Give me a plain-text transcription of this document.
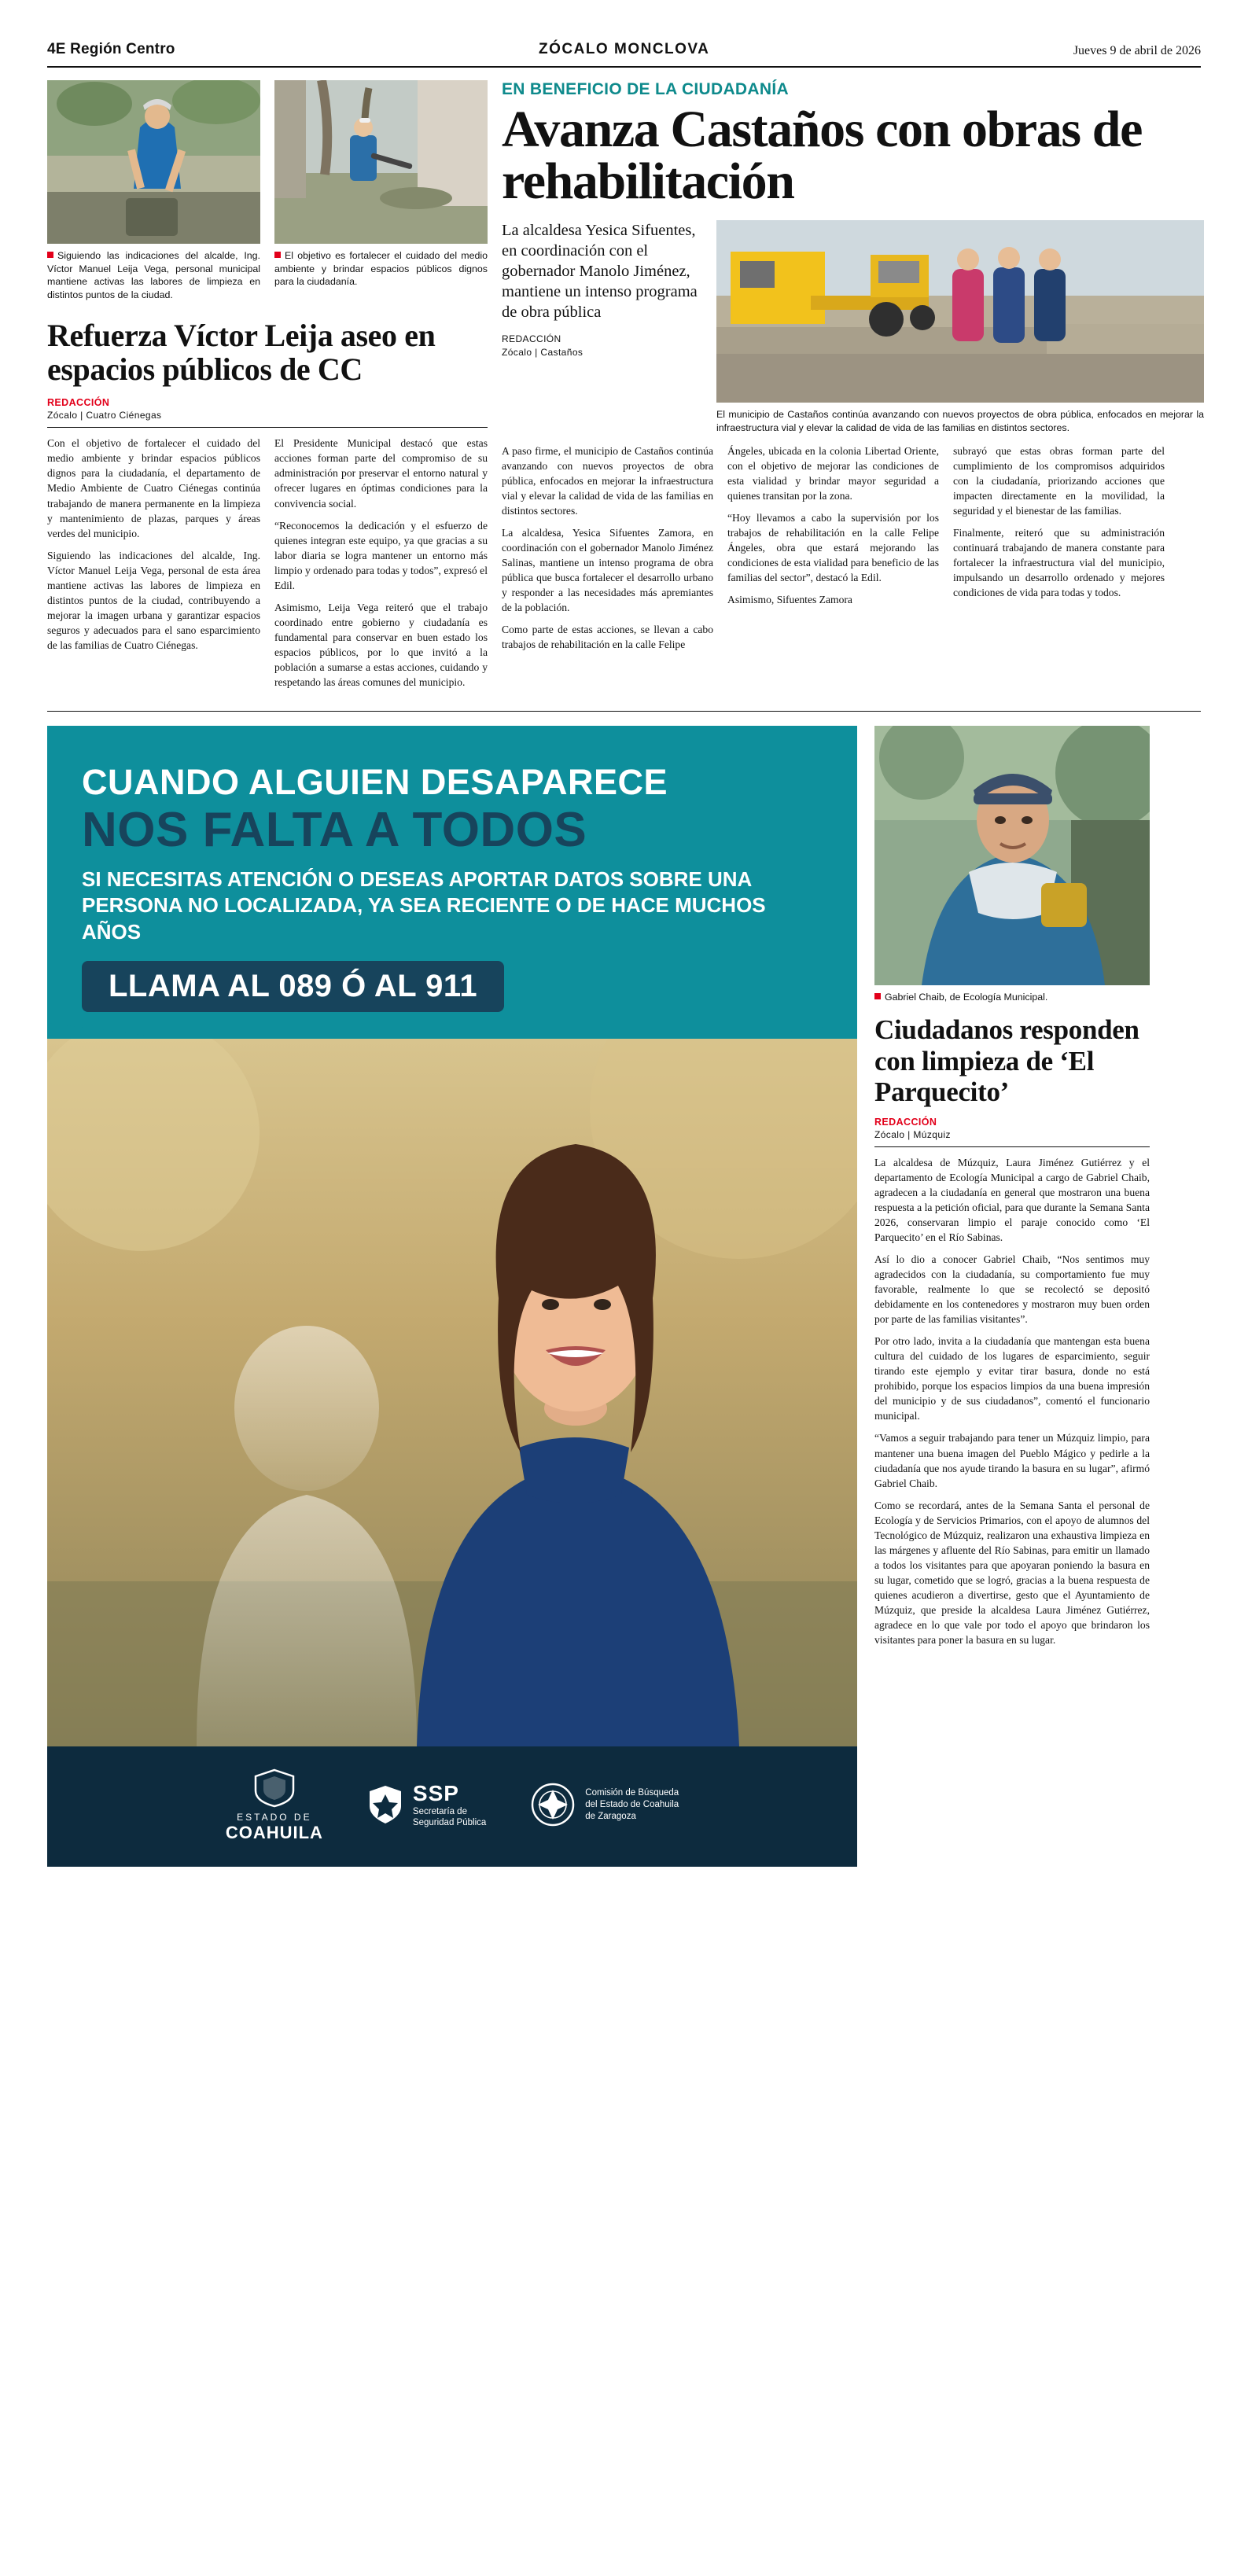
4E Región Centro	ZÓCALO MONCLOVA	Jueves 9 de abril de 2026
Siguiendo las indicaciones del alcalde, Ing. Víctor Manuel Leija Vega, personal municipal mantiene activas las labores de limpieza en distintos puntos de la ciudad.
El objetivo es fortalecer el cuidado del medio ambiente y brindar espacios públicos dignos para la ciudadanía.
Refuerza Víctor Leija aseo en espacios públicos de CC
REDACCIÓN
Zócalo | Cuatro Ciénegas

Con el objetivo de fortalecer el cuidado del medio ambiente y brindar espacios públicos dignos para la ciudadanía, el departamento de Medio Ambiente de Cuatro Ciénegas continúa trabajando de manera permanente en la limpieza y mantenimiento de plazas, parques y áreas verdes del municipio.

Siguiendo las indicaciones del alcalde, Ing. Víctor Manuel Leija Vega, personal de esta área mantiene activas las labores de limpieza en distintos puntos de la ciudad, contribuyendo a mejorar la imagen urbana y garantizar espacios seguros y adecuados para el sano esparcimiento de las familias de Cuatro Ciénegas.

El Presidente Municipal destacó que estas acciones forman parte del compromiso de su administración por preservar el entorno natural y ofrecer lugares en óptimas condiciones para la convivencia social.

“Reconocemos la dedicación y el esfuerzo de quienes integran este equipo, ya que gracias a su labor diaria se logra mantener un entorno más limpio y ordenado para todas y todos”, expresó el Edil.

Asimismo, Leija Vega reiteró que el trabajo coordinado entre gobierno y ciudadanía es fundamental para conservar en buen estado los espacios públicos, por lo que invitó a la población a sumarse a estas acciones, cuidando y respetando las áreas comunes del municipio.

EN BENEFICIO DE LA CIUDADANÍA
Avanza Castaños con obras de rehabilitación
La alcaldesa Yesica Sifuentes, en coordinación con el gobernador Manolo Jiménez, mantiene un intenso programa de obra pública
REDACCIÓN
Zócalo | Castaños
El municipio de Castaños continúa avanzando con nuevos proyectos de obra pública, enfocados en mejorar la infraestructura vial y elevar la calidad de vida de las familias en distintos sectores.

A paso firme, el municipio de Castaños continúa avanzando con nuevos proyectos de obra pública, enfocados en mejorar la infraestructura vial y elevar la calidad de vida de las familias en distintos sectores.

La alcaldesa, Yesica Sifuentes Zamora, en coordinación con el gobernador Manolo Jiménez Salinas, mantiene un intenso programa de obra pública que busca fortalecer el desarrollo urbano y responder a las necesidades más apremiantes de la población.

Como parte de estas acciones, se llevan a cabo trabajos de rehabilitación en la calle Felipe

Ángeles, ubicada en la colonia Libertad Oriente, con el objetivo de mejorar las condiciones de esta vialidad y brindar mayor seguridad a quienes transitan por la zona.

“Hoy llevamos a cabo la supervisión por los trabajos de rehabilitación en la calle Felipe Ángeles, obra que estará mejorando las condiciones de esta vialidad para beneficio de las familias del sector”, destacó la Edil.

Asimismo, Sifuentes Zamora

subrayó que estas obras forman parte del cumplimiento de los compromisos adquiridos con la ciudadanía, priorizando acciones que impacten directamente en la movilidad, la seguridad y el bienestar de las familias.

Finalmente, reiteró que su administración continuará trabajando de manera constante para fortalecer la infraestructura vial del municipio, impulsando un desarrollo ordenado y mejores condiciones de vida para todas y todos.

CUANDO ALGUIEN DESAPARECE
NOS FALTA A TODOS
SI NECESITAS ATENCIÓN O DESEAS APORTAR DATOS SOBRE UNA PERSONA NO LOCALIZADA, YA SEA RECIENTE O DE HACE MUCHOS AÑOS
LLAMA AL 089 Ó AL 911
ESTADO DE
COAHUILA
SSP
Secretaría de
Seguridad Pública
Comisión de Búsqueda
del Estado de Coahuila
de Zaragoza
Gabriel Chaib, de Ecología Municipal.
Ciudadanos responden con limpieza de ‘El Parquecito’
REDACCIÓN
Zócalo | Múzquiz

La alcaldesa de Múzquiz, Laura Jiménez Gutiérrez y el departamento de Ecología Municipal a cargo de Gabriel Chaib, agradecen a la ciudadanía en general que mostraron una buena respuesta a la petición oficial, para que durante la Semana Santa 2026, conservaran limpio el paraje conocido como ‘El Parquecito’ en el Río Sabinas.

Así lo dio a conocer Gabriel Chaib, “Nos sentimos muy agradecidos con la ciudadanía, su comportamiento fue muy favorable, realmente lo que se recolectó se depositó debidamente en los contenedores y mostraron muy buen orden por parte de las familias visitantes”.

Por otro lado, invita a la ciudadanía que mantengan esta buena cultura del cuidado de los lugares de esparcimiento, seguir tirando este ejemplo y evitar tirar basura, donde no está prohibido, porque los espacios limpios da una buena impresión del municipio y de sus ciudadanos”, comentó el funcionario municipal.

“Vamos a seguir trabajando para tener un Múzquiz limpio, para mantener una buena imagen del Pueblo Mágico y pedirle a la ciudadanía que nos ayude tirando la basura en su lugar”, afirmó Gabriel Chaib.

Como se recordará, antes de la Semana Santa el personal de Ecología y de Servicios Primarios, con el apoyo de alumnos del Tecnológico de Múzquiz, realizaron una exhaustiva limpieza en las márgenes y afluente del Río Sabinas, para emitir un llamado a todos los visitantes para que apoyaran poniendo la basura en su lugar, cometido que se logró, gracias a la buena respuesta de quienes acudieron a divertirse, gesto que el Ayuntamiento de Múzquiz, que preside la alcaldesa Laura Jiménez Gutiérrez, agradece en lo que vale por todo el apoyo que brindaron los visitantes para poner la basura en su lugar.
